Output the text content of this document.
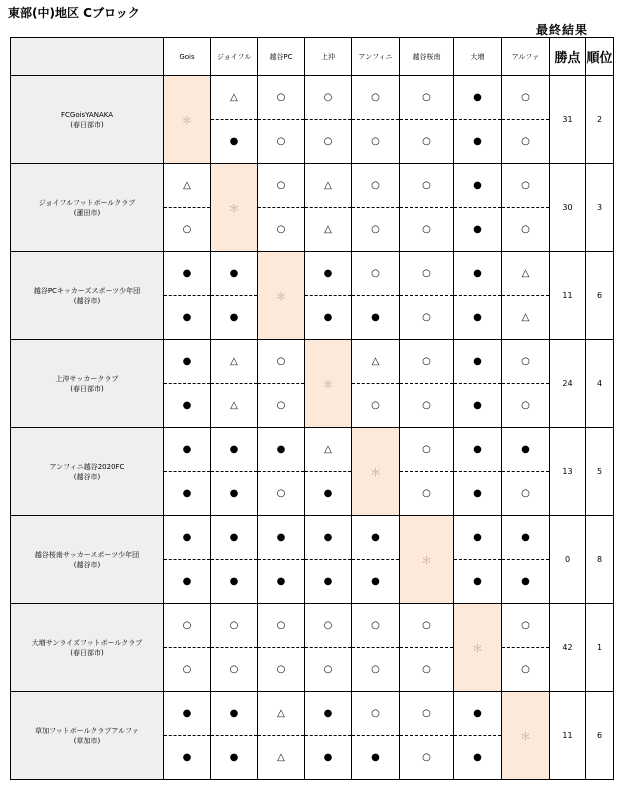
東部(中)地区 Cブロック
最終結果
	Gois	ジョイフル	越谷PC	上沖	アンフィニ	越谷桜南	大増	アルファ	勝点	順位

FCGoisYANAKA
(春日部市)	＊	△	○	○	○	○	●	○	31	2
		●	○	○	○	○	●	○		

ジョイフルフットボールクラブ
(蓮田市)	△	＊	○	△	○	○	●	○	30	3
	○		○	△	○	○	●	○		

越谷PCキッカーズスポーツ少年団
(越谷市)	●	●	＊	●	○	○	●	△	11	6
	●	●		●	●	○	●	△		

上沖サッカークラブ
(春日部市)	●	△	○	＊	△	○	●	○	24	4
	●	△	○		○	○	●	○		

アンフィニ越谷2020FC
(越谷市)	●	●	●	△	＊	○	●	●	13	5
	●	●	○	●		○	●	○		

越谷桜南サッカースポーツ少年団
(越谷市)	●	●	●	●	●	＊	●	●	0	8
	●	●	●	●	●		●	●		

大増サンライズフットボールクラブ
(春日部市)	○	○	○	○	○	○	＊	○	42	1
	○	○	○	○	○	○		○		

草加フットボールクラブアルファ
(草加市)	●	●	△	●	○	○	●	＊	11	6
	●	●	△	●	●	○	●			
